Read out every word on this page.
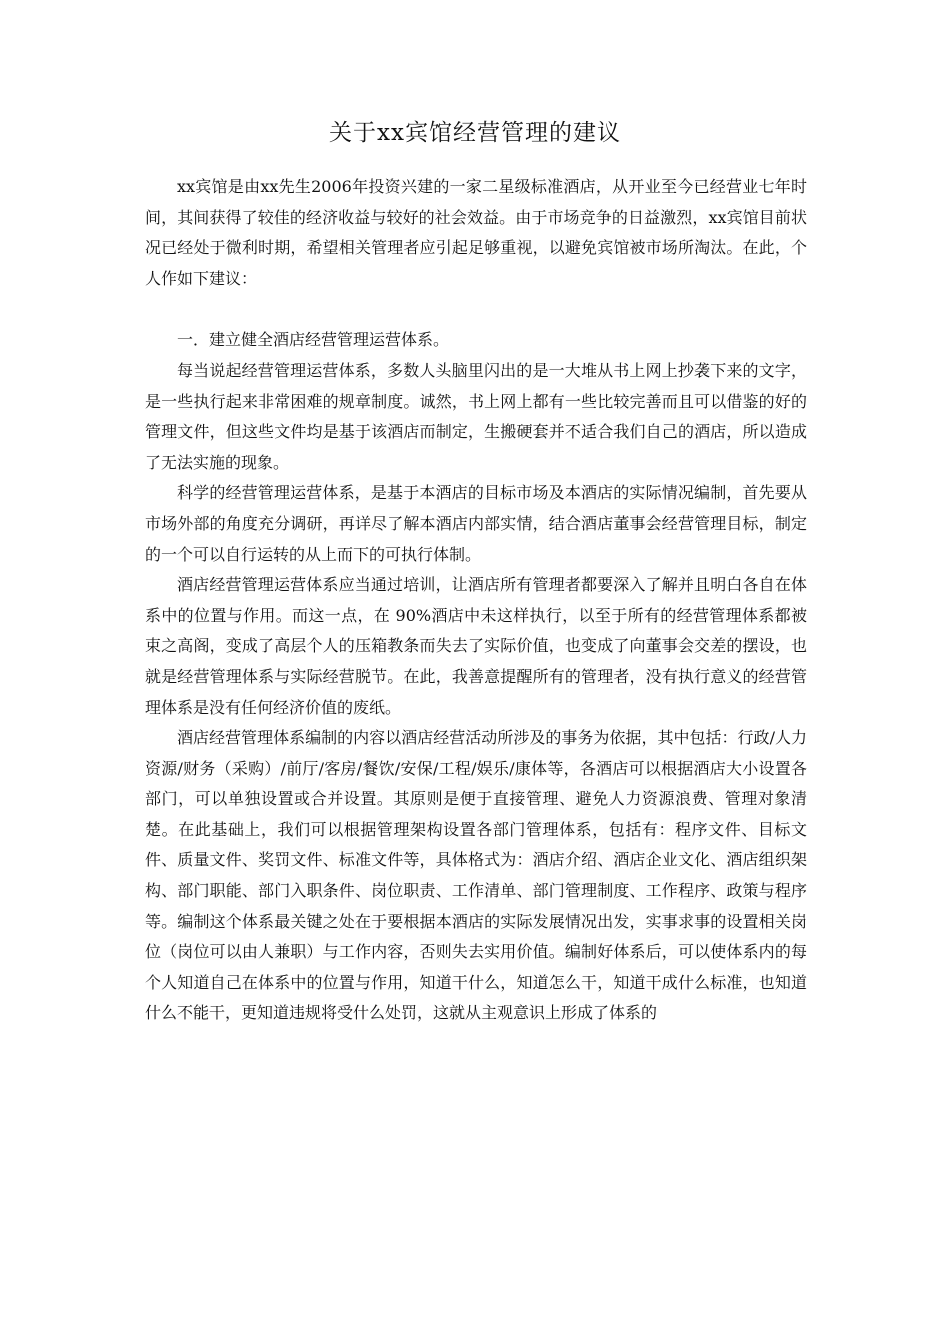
关于xx宾馆经营管理的建议

xx宾馆是由xx先生2006年投资兴建的一家二星级标准酒店，从开业至今已经营业七年时间，其间获得了较佳的经济收益与较好的社会效益。由于市场竞争的日益激烈，xx宾馆目前状况已经处于微利时期，希望相关管理者应引起足够重视，以避免宾馆被市场所淘汰。在此，个人作如下建议：

一．建立健全酒店经营管理运营体系。

每当说起经营管理运营体系，多数人头脑里闪出的是一大堆从书上网上抄袭下来的文字，是一些执行起来非常困难的规章制度。诚然，书上网上都有一些比较完善而且可以借鉴的好的管理文件，但这些文件均是基于该酒店而制定，生搬硬套并不适合我们自己的酒店，所以造成了无法实施的现象。

科学的经营管理运营体系，是基于本酒店的目标市场及本酒店的实际情况编制，首先要从市场外部的角度充分调研，再详尽了解本酒店内部实情，结合酒店董事会经营管理目标，制定的一个可以自行运转的从上而下的可执行体制。

酒店经营管理运营体系应当通过培训，让酒店所有管理者都要深入了解并且明白各自在体系中的位置与作用。而这一点，在 90%酒店中未这样执行，以至于所有的经营管理体系都被束之高阁，变成了高层个人的压箱教条而失去了实际价值，也变成了向董事会交差的摆设，也就是经营管理体系与实际经营脱节。在此，我善意提醒所有的管理者，没有执行意义的经营管理体系是没有任何经济价值的废纸。

酒店经营管理体系编制的内容以酒店经营活动所涉及的事务为依据，其中包括：行政/人力资源/财务（采购）/前厅/客房/餐饮/安保/工程/娱乐/康体等，各酒店可以根据酒店大小设置各部门，可以单独设置或合并设置。其原则是便于直接管理、避免人力资源浪费、管理对象清楚。在此基础上，我们可以根据管理架构设置各部门管理体系，包括有：程序文件、目标文件、质量文件、奖罚文件、标准文件等，具体格式为：酒店介绍、酒店企业文化、酒店组织架构、部门职能、部门入职条件、岗位职责、工作清单、部门管理制度、工作程序、政策与程序等。编制这个体系最关键之处在于要根据本酒店的实际发展情况出发，实事求事的设置相关岗位（岗位可以由人兼职）与工作内容，否则失去实用价值。编制好体系后，可以使体系内的每个人知道自己在体系中的位置与作用，知道干什么，知道怎么干，知道干成什么标准，也知道什么不能干，更知道违规将受什么处罚，这就从主观意识上形成了体系的
